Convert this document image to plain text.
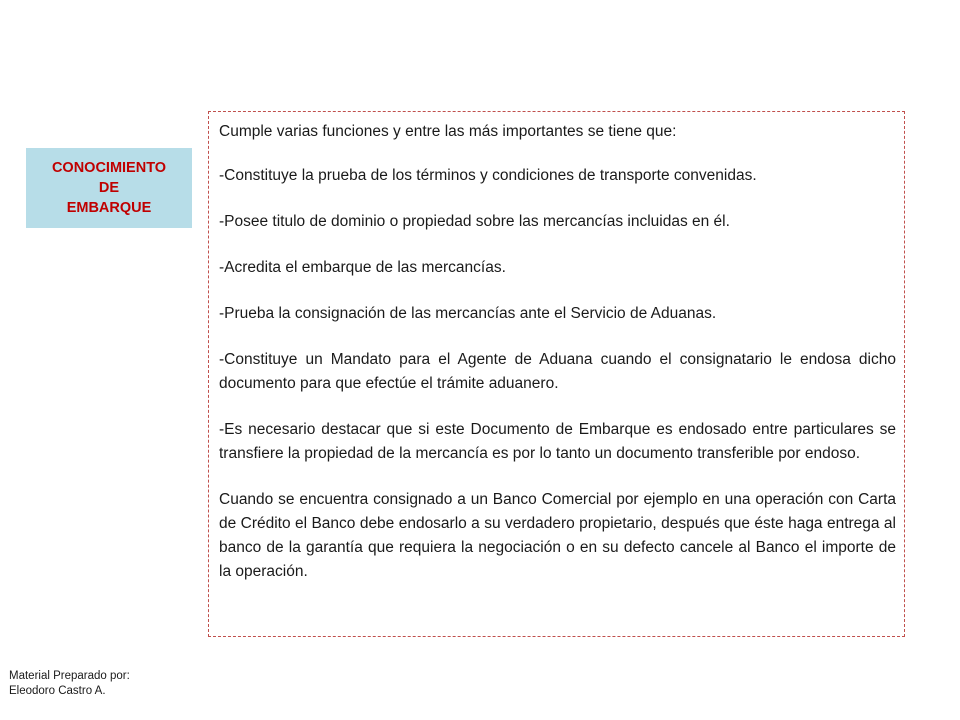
CONOCIMIENTO
DE
EMBARQUE

Cumple varias funciones y entre las más importantes se tiene que:

-Constituye la prueba de los términos y condiciones de transporte convenidas.

-Posee titulo de dominio o propiedad sobre las mercancías incluidas en él.

-Acredita el embarque de las mercancías.

-Prueba la consignación de las mercancías ante el Servicio de Aduanas.

-Constituye un Mandato para el Agente de Aduana cuando el consignatario le endosa dicho documento para que efectúe el trámite aduanero.

-Es necesario destacar que si este Documento de Embarque es endosado entre particulares se transfiere la propiedad de la mercancía es por lo tanto un documento transferible por endoso.

Cuando se encuentra consignado a un Banco Comercial por ejemplo en una operación con Carta de Crédito el Banco debe endosarlo a su verdadero propietario, después que éste haga entrega al banco de la garantía que requiera la negociación o en su defecto cancele al Banco el importe de la operación.

Material Preparado por:
Eleodoro Castro A.
